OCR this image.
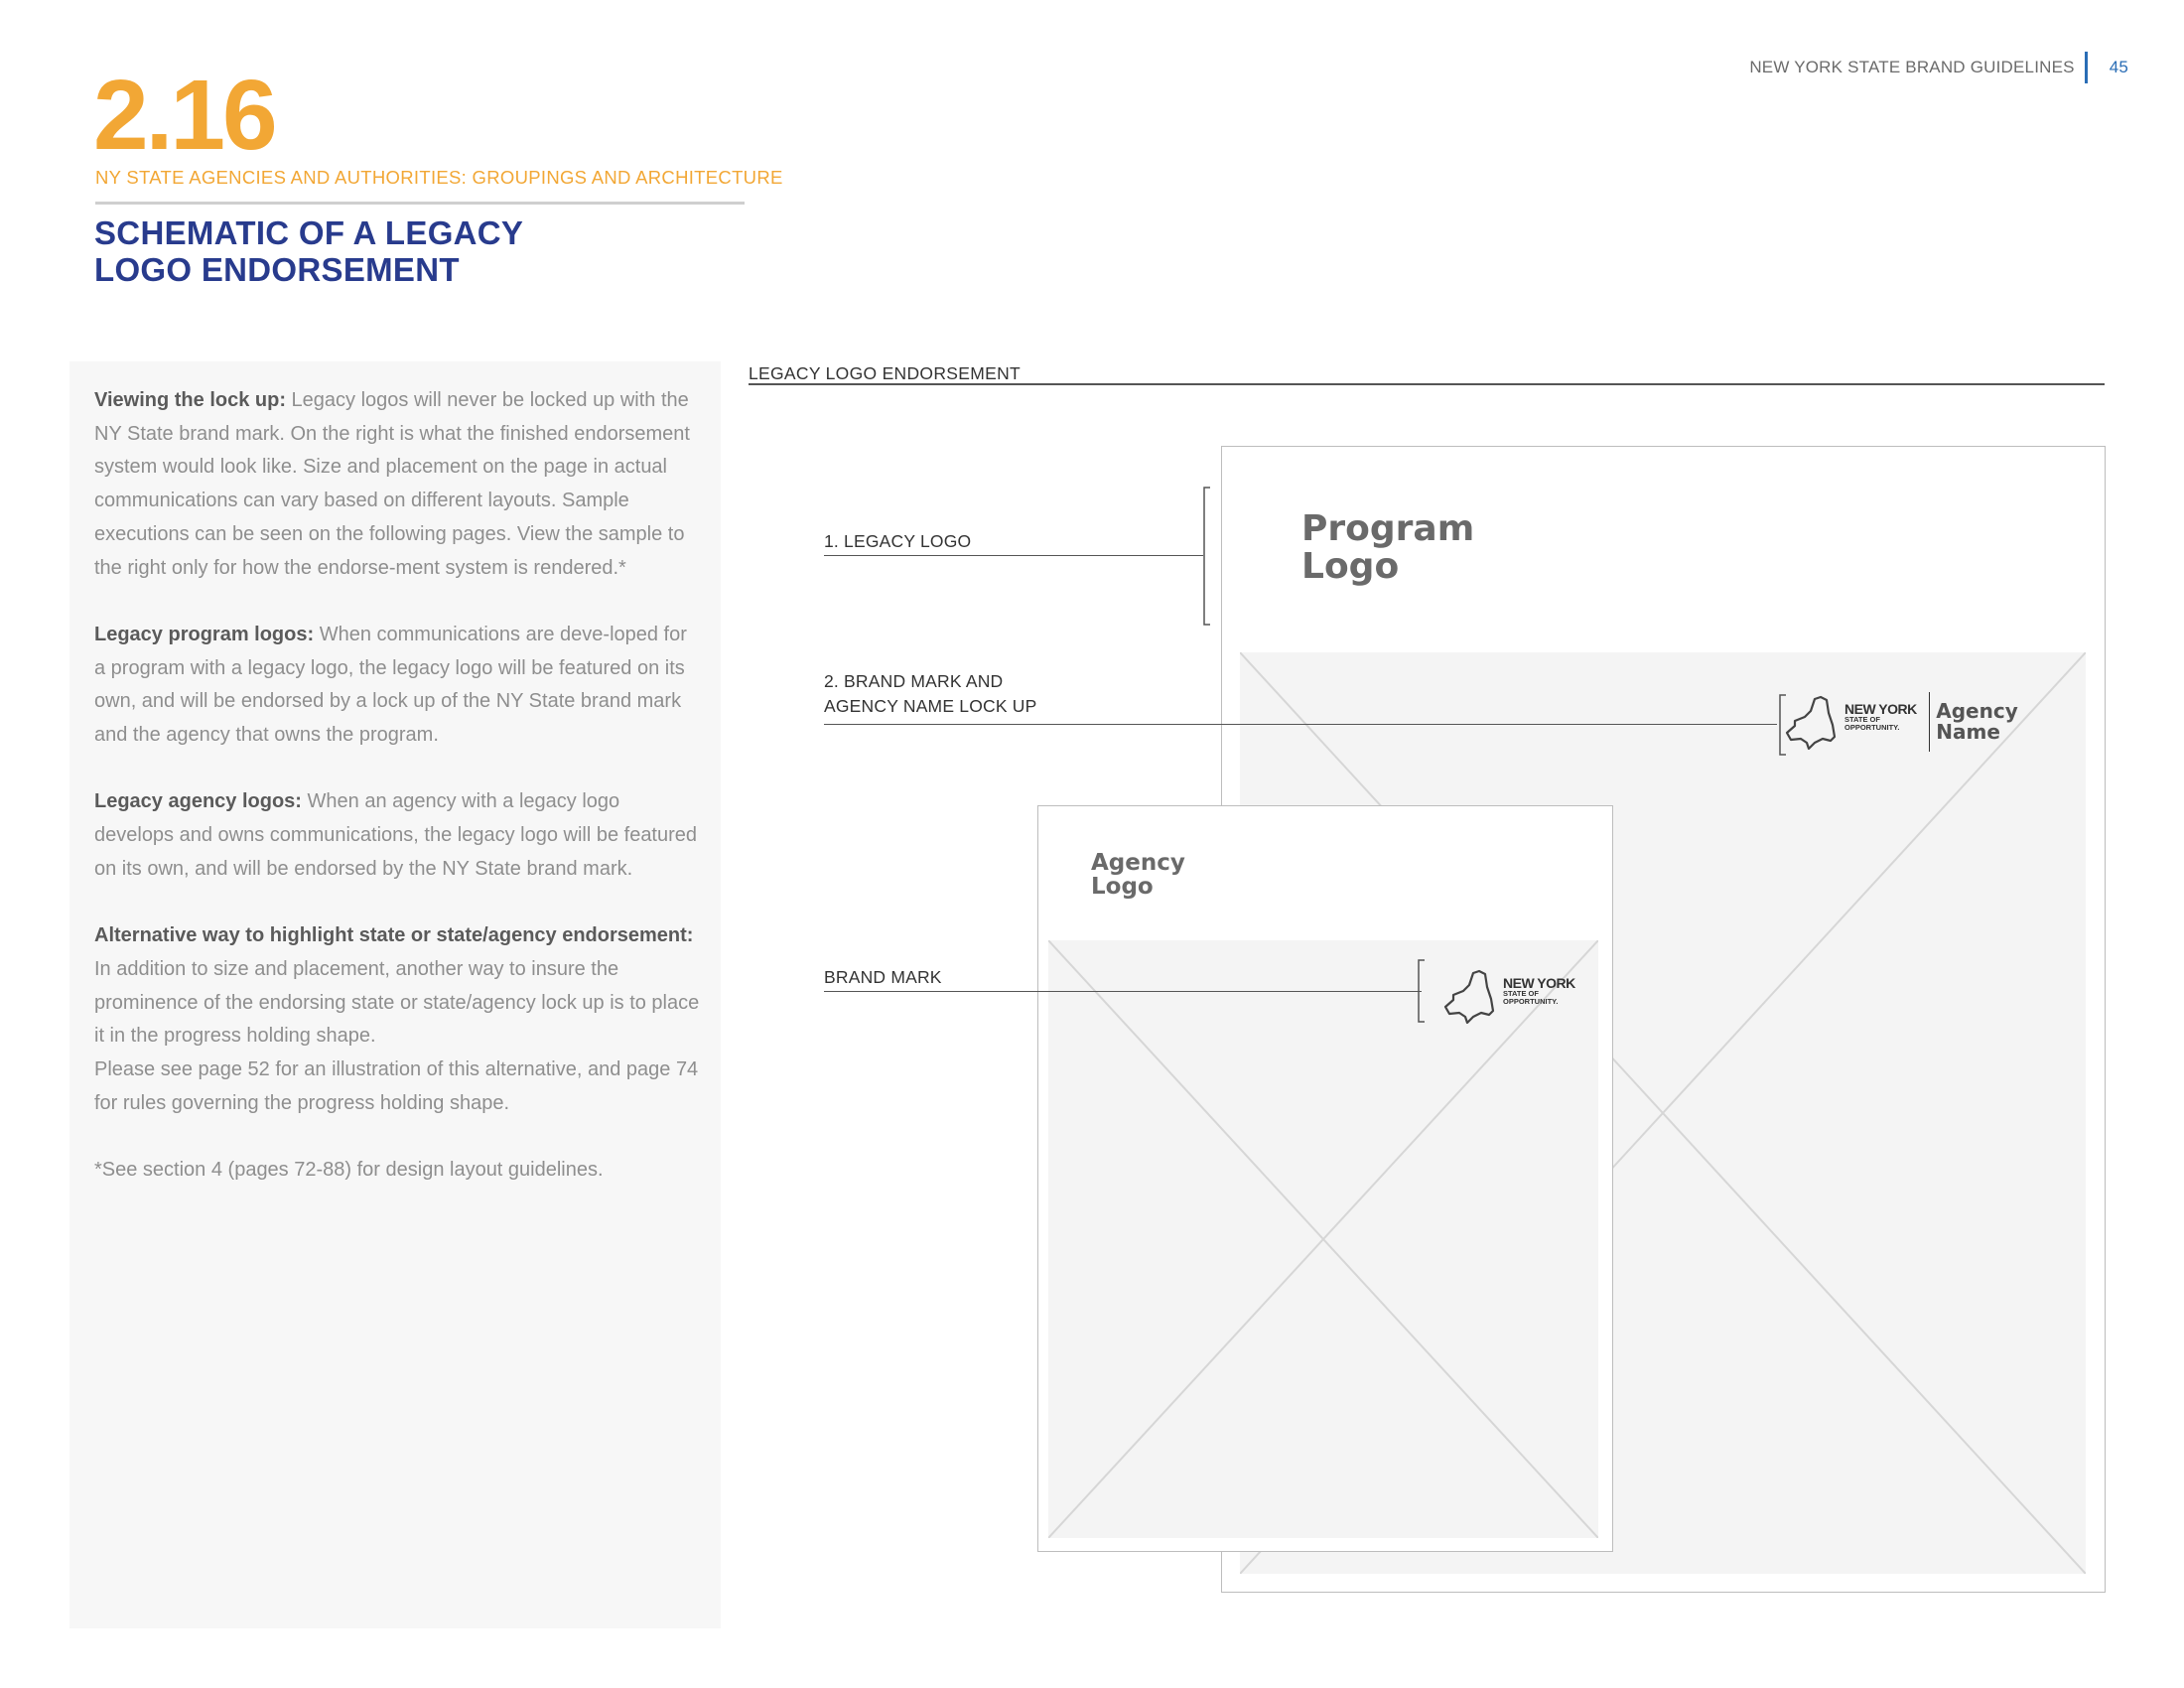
NEW YORK STATE BRAND GUIDELINES 45
2.16
NY STATE AGENCIES AND AUTHORITIES: GROUPINGS AND ARCHITECTURE
SCHEMATIC OF A LEGACY
LOGO ENDORSEMENT

Viewing the lock up: Legacy logos will never be locked up with the NY State brand mark. On the right is what the finished endorsement system would look like. Size and placement on the page in actual communications can vary based on different layouts. Sample executions can be seen on the following pages. View the sample to the right only for how the endorse-ment system is rendered.*

Legacy program logos: When communications are deve-loped for a program with a legacy logo, the legacy logo will be featured on its own, and will be endorsed by a lock up of the NY State brand mark and the agency that owns the program.

Legacy agency logos: When an agency with a legacy logo develops and owns communications, the legacy logo will be featured on its own, and will be endorsed by the NY State brand mark.

Alternative way to highlight state or state/agency endorsement: In addition to size and placement, another way to insure the prominence of the endorsing state or state/agency lock up is to place it in the progress holding shape.

Please see page 52 for an illustration of this alternative, and page 74 for rules governing the progress holding shape.

*See section 4 (pages 72-88) for design layout guidelines.

LEGACY LOGO ENDORSEMENT
Program
Logo
NEW YORK
STATE OF
OPPORTUNITY.
Agency
Name
Agency
Logo
NEW YORK
STATE OF
OPPORTUNITY.
1. LEGACY LOGO
2. BRAND MARK AND
AGENCY NAME LOCK UP
BRAND MARK
